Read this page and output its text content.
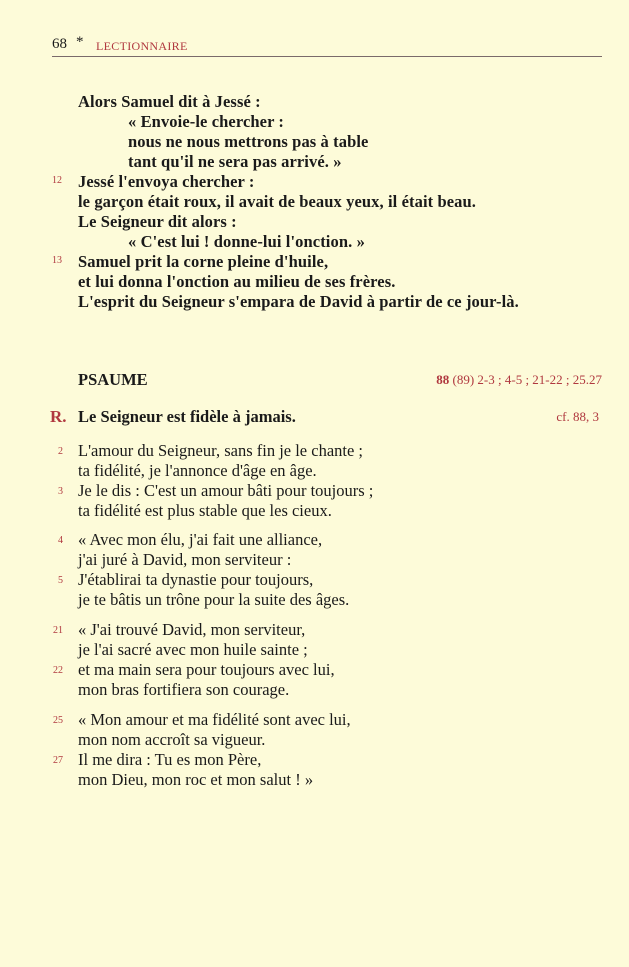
68 * LECTIONNAIRE
Alors Samuel dit à Jessé :
« Envoie-le chercher :
nous ne nous mettrons pas à table
tant qu'il ne sera pas arrivé. »
12 Jessé l'envoya chercher :
le garçon était roux, il avait de beaux yeux, il était beau.
Le Seigneur dit alors :
« C'est lui ! donne-lui l'onction. »
13 Samuel prit la corne pleine d'huile,
et lui donna l'onction au milieu de ses frères.
L'esprit du Seigneur s'empara de David à partir de ce jour-là.
PSAUME	88 (89) 2-3 ; 4-5 ; 21-22 ; 25.27
R. Le Seigneur est fidèle à jamais.	cf. 88, 3
2 L'amour du Seigneur, sans fin je le chante ;
ta fidélité, je l'annonce d'âge en âge.
3 Je le dis : C'est un amour bâti pour toujours ;
ta fidélité est plus stable que les cieux.
4 « Avec mon élu, j'ai fait une alliance,
j'ai juré à David, mon serviteur :
5 J'établirai ta dynastie pour toujours,
je te bâtis un trône pour la suite des âges.
21 « J'ai trouvé David, mon serviteur,
je l'ai sacré avec mon huile sainte ;
22 et ma main sera pour toujours avec lui,
mon bras fortifiera son courage.
25 « Mon amour et ma fidélité sont avec lui,
mon nom accroît sa vigueur.
27 Il me dira : Tu es mon Père,
mon Dieu, mon roc et mon salut ! »
